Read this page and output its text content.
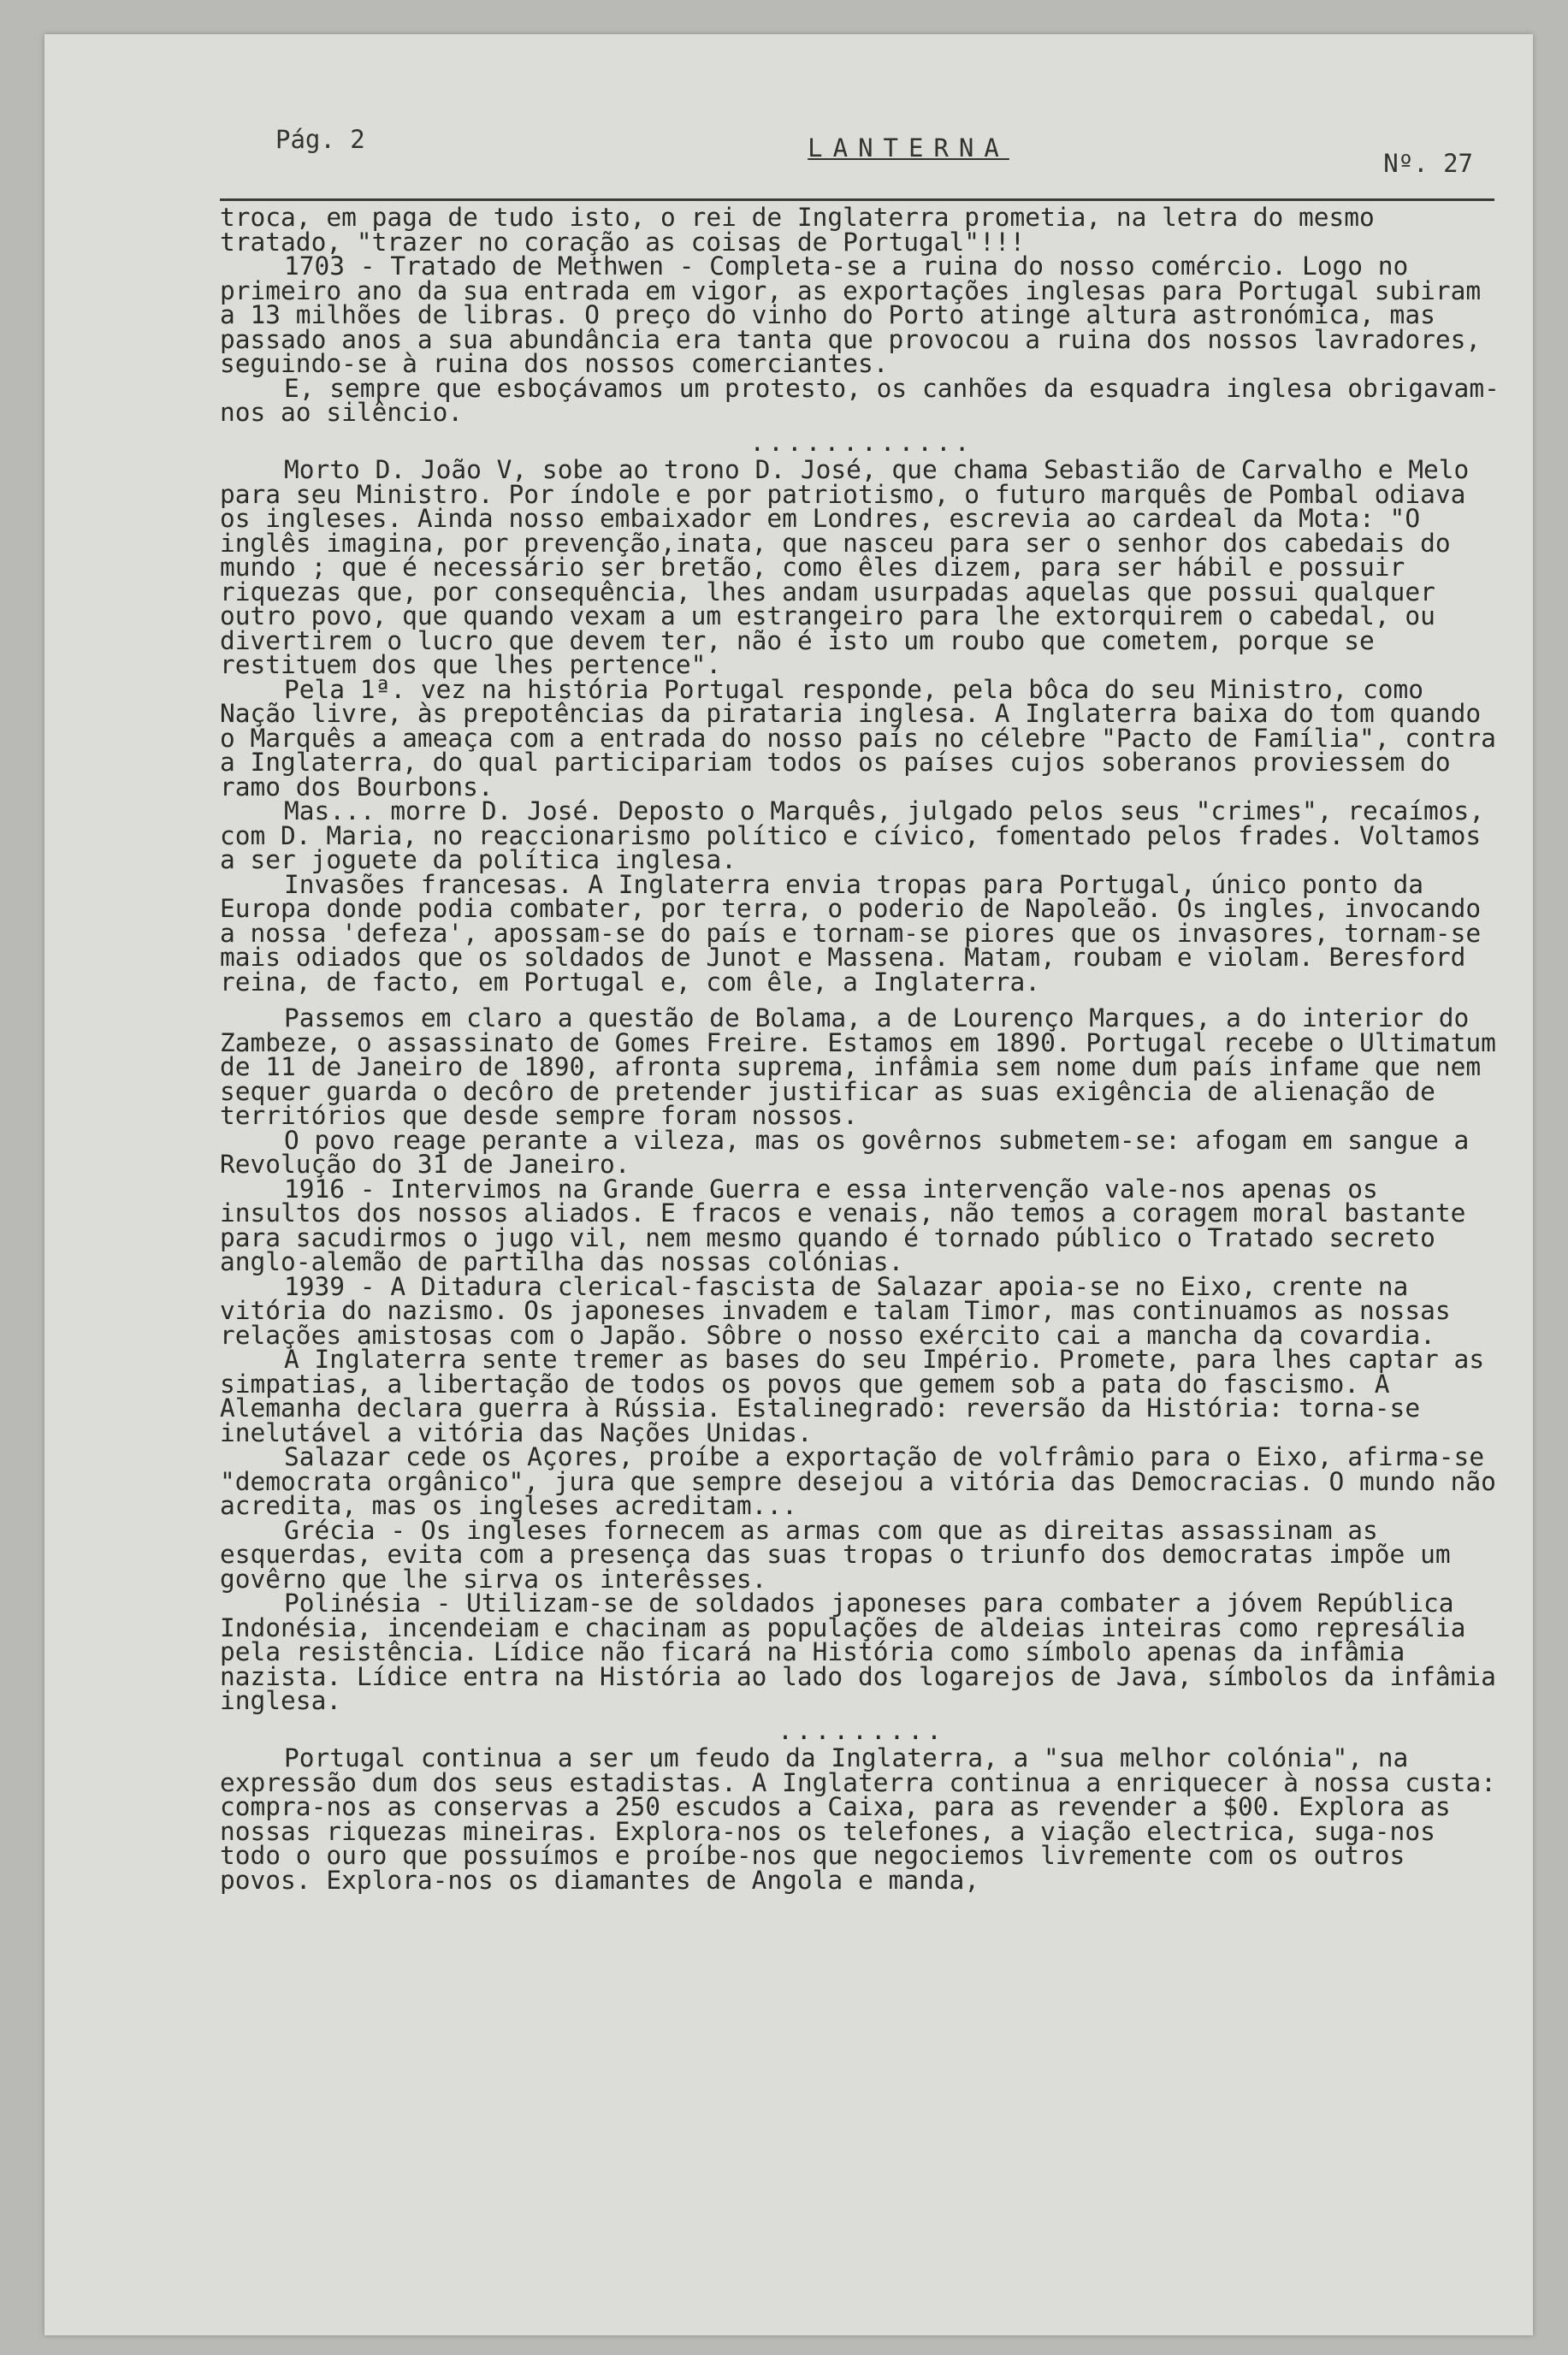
Pág. 2	LANTERNA
Nº. 27

troca, em paga de tudo isto, o rei de Inglaterra prometia, na letra do mesmo tratado, "trazer no coração as coisas de Portugal"!!!

1703 - Tratado de Methwen - Completa-se a ruina do nosso comércio. Logo no primeiro ano da sua entrada em vigor, as exportações inglesas para Portugal subiram a 13 milhões de libras. O preço do vinho do Porto atinge altura astronómica, mas passado anos a sua abundância era tanta que provocou a ruina dos nossos lavradores, seguindo-se à ruina dos nossos comerciantes.

E, sempre que esboçávamos um protesto, os canhões da esquadra inglesa obrigavam-nos ao silêncio.

............

Morto D. João V, sobe ao trono D. José, que chama Sebastião de Carvalho e Melo para seu Ministro. Por índole e por patriotismo, o futuro marquês de Pombal odiava os ingleses. Ainda nosso embaixador em Londres, escrevia ao cardeal da Mota: "O inglês imagina, por prevenção,inata, que nasceu para ser o senhor dos cabedais do mundo ; que é necessário ser bretão, como êles dizem, para ser hábil e possuir riquezas que, por consequência, lhes andam usurpadas aquelas que possui qualquer outro povo, que quando vexam a um estrangeiro para lhe extorquirem o cabedal, ou divertirem o lucro que devem ter, não é isto um roubo que cometem, porque se restituem dos que lhes pertence".

Pela 1ª. vez na história Portugal responde, pela bôca do seu Ministro, como Nação livre, às prepotências da pirataria inglesa. A Inglaterra baixa do tom quando o Marquês a ameaça com a entrada do nosso país no célebre "Pacto de Família", contra a Inglaterra, do qual participariam todos os países cujos soberanos proviessem do ramo dos Bourbons.

Mas... morre D. José. Deposto o Marquês, julgado pelos seus "crimes", recaímos, com D. Maria, no reaccionarismo político e cívico, fomentado pelos frades. Voltamos a ser joguete da política inglesa.

Invasões francesas. A Inglaterra envia tropas para Portugal, único ponto da Europa donde podia combater, por terra, o poderio de Napoleão. Os ingles, invocando a nossa 'defeza', apossam-se do país e tornam-se piores que os invasores, tornam-se mais odiados que os soldados de Junot e Massena. Matam, roubam e violam. Beresford reina, de facto, em Portugal e, com êle, a Inglaterra.

Passemos em claro a questão de Bolama, a de Lourenço Marques, a do interior do Zambeze, o assassinato de Gomes Freire. Estamos em 1890. Portugal recebe o Ultimatum de 11 de Janeiro de 1890, afronta suprema, infâmia sem nome dum país infame que nem sequer guarda o decôro de pretender justificar as suas exigência de alienação de territórios que desde sempre foram nossos.

O povo reage perante a vileza, mas os govêrnos submetem-se: afogam em sangue a Revolução do 31 de Janeiro.

1916 - Intervimos na Grande Guerra e essa intervenção vale-nos apenas os insultos dos nossos aliados. E fracos e venais, não temos a coragem moral bastante para sacudirmos o jugo vil, nem mesmo quando é tornado público o Tratado secreto anglo-alemão de partilha das nossas colónias.

1939 - A Ditadura clerical-fascista de Salazar apoia-se no Eixo, crente na vitória do nazismo. Os japoneses invadem e talam Timor, mas continuamos as nossas relações amistosas com o Japão. Sôbre o nosso exército cai a mancha da covardia.

A Inglaterra sente tremer as bases do seu Império. Promete, para lhes captar as simpatias, a libertação de todos os povos que gemem sob a pata do fascismo. A Alemanha declara guerra à Rússia. Estalinegrado: reversão da História: torna-se inelutável a vitória das Nações Unidas.

Salazar cede os Açores, proíbe a exportação de volfrâmio para o Eixo, afirma-se "democrata orgânico", jura que sempre desejou a vitória das Democracias. O mundo não acredita, mas os ingleses acreditam...

Grécia - Os ingleses fornecem as armas com que as direitas assassinam as esquerdas, evita com a presença das suas tropas o triunfo dos democratas impõe um govêrno que lhe sirva os interêsses.

Polinésia - Utilizam-se de soldados japoneses para combater a jóvem República Indonésia, incendeiam e chacinam as populações de aldeias inteiras como represália pela resistência. Lídice não ficará na História como símbolo apenas da infâmia nazista. Lídice entra na História ao lado dos logarejos de Java, símbolos da infâmia inglesa.

.........

Portugal continua a ser um feudo da Inglaterra, a "sua melhor colónia", na expressão dum dos seus estadistas. A Inglaterra continua a enriquecer à nossa custa: compra-nos as conservas a 250 escudos a Caixa, para as revender a $00. Explora as nossas riquezas mineiras. Explora-nos os telefones, a viação electrica, suga-nos todo o ouro que possuímos e proíbe-nos que negociemos livremente com os outros povos. Explora-nos os diamantes de Angola e manda,
